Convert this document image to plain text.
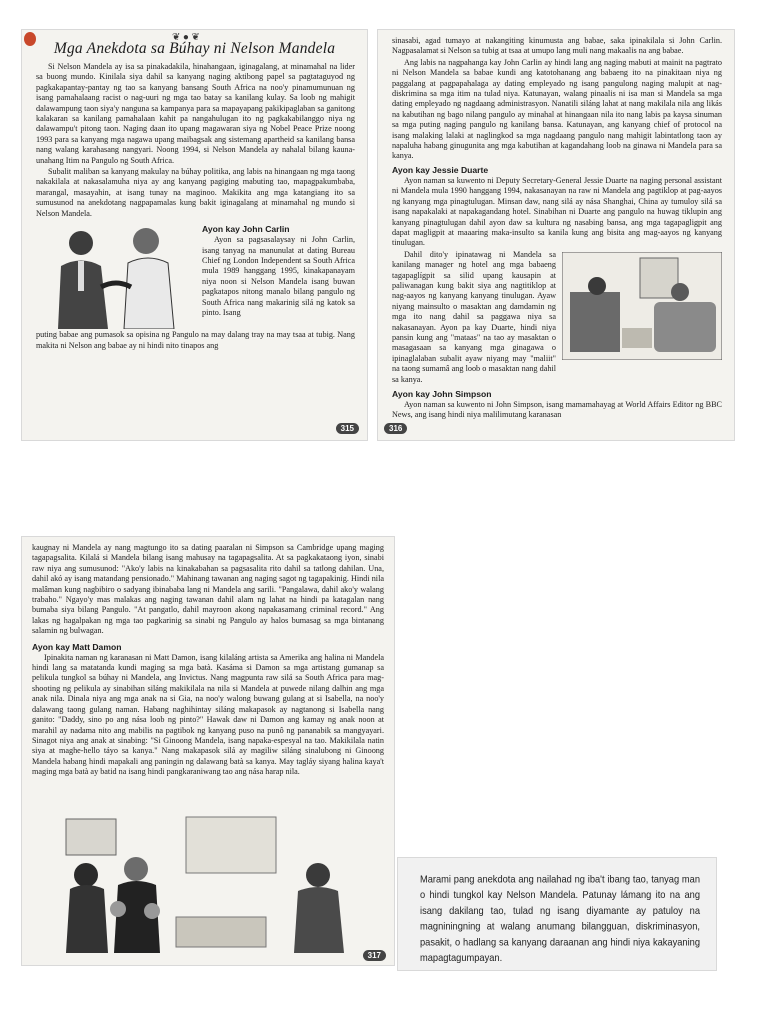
❦ ● ❦
Mga Anekdota sa Búhay ni Nelson Mandela

Si Nelson Mandela ay isa sa pinakadakila, hinahangaan, iginagalang, at minamahal na lider sa buong mundo. Kinilala siya dahil sa kanyang naging aktibong papel sa pagtataguyod ng pagkakapantay-pantay ng tao sa kanyang bansang South Africa na noo'y pinamumunuan ng isang pamahalaang racist o nag-uuri ng mga tao batay sa kanilang kulay. Sa loob ng mahigit dalawampung taon siya'y nanguna sa kampanya para sa mapayapang pakikipaglaban sa ganitong kalakaran sa kanilang pamahalaan kahit pa nangahulugan ito ng pagkakabilanggo niya ng dalawampu't pitong taon. Naging daan ito upang magawaran siya ng Nobel Peace Prize noong 1993 para sa kanyang mga nagawa upang maibagsak ang sistemang apartheid sa kanilang bansa nang walang karahasang nangyari. Noong 1994, si Nelson Mandela ay nahalal bilang kauna-unahang Itim na Pangulo ng South Africa.

Subalit maliban sa kanyang makulay na búhay politika, ang labis na hinangaan ng mga taong nakakilala at nakasalamuha niya ay ang kanyang pagiging mabuting tao, mapagpakumbaba, marangal, masayahin, at isang tunay na maginoo. Makikita ang mga katangiang ito sa sumusunod na anekdotang nagpapamalas kung bakit iginagalang at minamahal ng mundo si Nelson Mandela.

Ayon kay John Carlin

Ayon sa pagsasalaysay ni John Carlin, isang tanyag na manunulat at dating Bureau Chief ng London Independent sa South Africa mula 1989 hanggang 1995, kinakapanayam niya noon si Nelson Mandela isang buwan pagkatapos nitong manalo bilang pangulo ng South Africa nang makarinig silá ng katok sa pinto. Isang

puting babae ang pumasok sa opisina ng Pangulo na may dalang tray na may tsaa at tubig. Nang makita ni Nelson ang babae ay ni hindi nito tinapos ang

315

sinasabi, agad tumayo at nakangiting kinumusta ang babae, saka ipinakilala si John Carlin. Nagpasalamat si Nelson sa tubig at tsaa at umupo lang muli nang makaalis na ang babae.

Ang labis na nagpahanga kay John Carlin ay hindi lang ang naging mabuti at mainit na pagtrato ni Nelson Mandela sa babae kundi ang katotohanang ang babaeng ito na pinakitaan niya ng paggalang at pagpapahalaga ay dating empleyado ng isang pangulong naging malupit at nag-diskrimina sa mga itim na tulad niya. Katunayan, walang pinaalis ni isa man si Mandela sa mga dating empleyado ng nagdaang administrasyon. Nanatili siláng lahat at nang makilala nila ang likás na kabutihan ng bago nilang pangulo ay minahal at hinangaan nila ito nang labis pa kaysa sinuman sa mga puting naging pangulo ng kanilang bansa. Katunayan, ang kanyang chief of protocol na isang malaking lalaki at naglingkod sa mga nagdaang pangulo nang mahigit labintatlong taon ay napaluha habang ginugunita ang mga kabutihan at kagandahang loob na ginawa ni Mandela para sa kanya.

Ayon kay Jessie Duarte

Ayon naman sa kuwento ni Deputy Secretary-General Jessie Duarte na naging personal assistant ni Mandela mula 1990 hanggang 1994, nakasanayan na raw ni Mandela ang pagtiklop at pag-aayos ng kanyang mga pinagtulugan. Minsan daw, nang silá ay nása Shanghai, China ay tumuloy silá sa isang napakalaki at napakagandang hotel. Sinabihan ni Duarte ang pangulo na huwag tiklupin ang kanyang pinagtulugan dahil ayon daw sa kultura ng nasabing bansa, ang mga tagapagligpit ang dapat magligpit at maaaring maka-insulto sa kanila kung ang bisita ang mag-aayos ng kanyang tinulugan.

Dahil dito'y ipinatawag ni Mandela sa kanilang manager ng hotel ang mga babaeng tagapaglígpit sa silid upang kausapin at paliwanagan kung bakit siya ang nagtitiklop at nag-aayos ng kanyang kanyang tinulugan. Ayaw niyang mainsulto o masaktan ang damdamin ng mga ito nang dahil sa paggawa niya sa nakasanayan. Ayon pa kay Duarte, hindi niya pansin kung ang "mataas" na tao ay masaktan o masagasaan sa kanyang mga ginagawa o ipinaglalaban subalit ayaw niyang may "maliit" na taong sumamâ ang loob o masaktan nang dahil sa kanya.

Ayon kay John Simpson

Ayon naman sa kuwento ni John Simpson, isang mamamahayag at World Affairs Editor ng BBC News, ang isang hindi niya malilimutang karanasan

316

kaugnay ni Mandela ay nang magtungo ito sa dating paaralan ni Simpson sa Cambridge upang maging tagapagsalita. Kilalá si Mandela bilang isang mahusay na tagapagsalita. At sa pagkakataong iyon, sinabi raw niya ang sumusunod: "Ako'y labis na kinakabahan sa pagsasalita rito dahil sa tatlong dahilan. Una, dahil akó ay isang matandang pensionado." Mahinang tawanan ang naging sagot ng tagapakinig. Hindi nila malâman kung nagbibiro o sadyang ibinababa lang ni Mandela ang sarili. "Pangalawa, dahil ako'y walang trabaho." Ngayo'y mas malakas ang naging tawanan dahil alam ng lahat na hindi pa katagalan nang bumaba siya bilang Pangulo. "At pangatlo, dahil mayroon akong napakasamang criminal record." Ang lakas ng hagalpakan ng mga tao pagkarinig sa sinabi ng Pangulo ay halos bumasag sa mga bintanang salamin ng bulwagan.

Ayon kay Matt Damon

Ipinakita naman ng karanasan ni Matt Damon, isang kilaláng artista sa Amerika ang halina ni Mandela hindi lang sa matatanda kundi maging sa mga batà. Kasáma si Damon sa mga artistang gumanap sa pelikula tungkol sa búhay ni Mandela, ang Invictus. Nang magpunta raw silá sa South Africa para mag-shooting ng pelikula ay sinabihan siláng makikilala na nila si Mandela at puwede nilang dalhin ang mga anak nila. Dinala niya ang mga anak na si Gia, na noo'y walong buwang gulang at si Isabella, na noo'y dalawang taong gulang naman. Habang naghihintay siláng makapasok ay nagtanong si Isabella nang ganito: "Daddy, sino po ang nása loob ng pinto?" Hawak daw ni Damon ang kamay ng anak noon at marahil ay nadama nito ang mabilis na pagtibok ng kanyang puso na punô ng pananabik sa mangyayari. Sinagot niya ang anak at sinabing: "Si Ginoong Mandela, isang napaka-espesyal na tao. Makikilala natin siya at maghe-hello táyo sa kanya." Nang makapasok silá ay magiliw siláng sinalubong ni Ginoong Mandela habang hindi mapakali ang paningin ng dalawang batà sa kanya. May tagláy siyang halina kaya't maging mga batà ay batid na isang hindi pangkaraniwang tao ang nása harap nila.

317
Marami pang anekdota ang nailahad ng iba't ibang tao, tanyag man o hindi tungkol kay Nelson Mandela. Patunay lámang ito na ang isang dakilang tao, tulad ng isang diyamante ay patuloy na magniningning at walang anumang bilangguan, diskriminasyon, pasakit, o hadlang sa kanyang daraanan ang hindi niya kakayaning mapagtagumpayan.
